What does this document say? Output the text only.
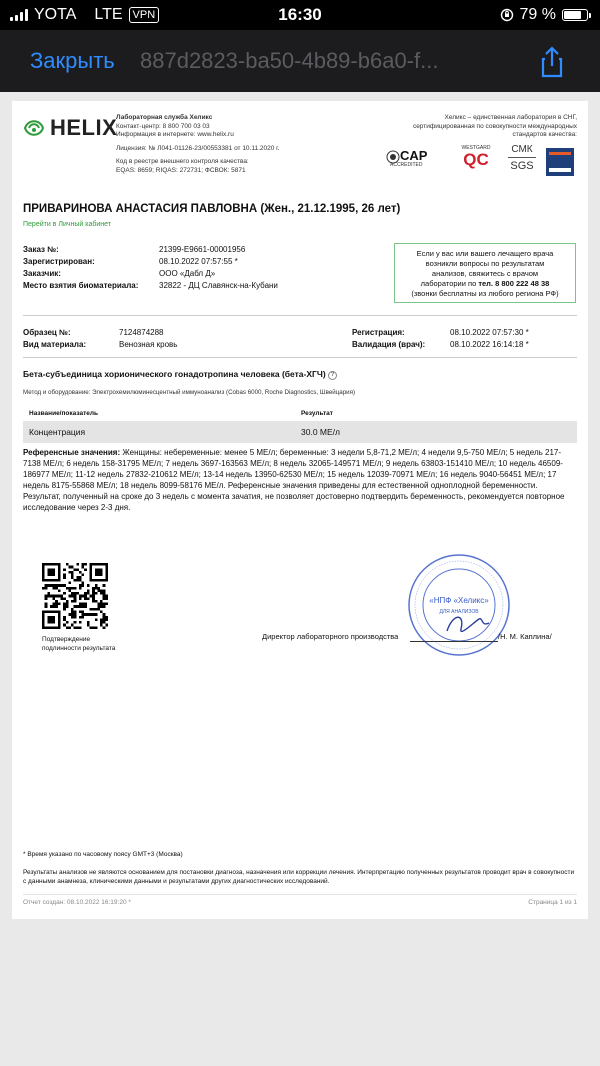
YOTA LTE VPN	16:30	79 %
Закрыть 887d2823-ba50-4b89-b6a0-f...
HELIX
Лабораторная служба Хеликс
Контакт-центр: 8 800 700 03 03
Информация в интернете: www.helix.ru
Лицензия: № Л041-01126-23/00553381 от 10.11.2020 г.
Код в реестре внешнего контроля качества:
EQAS: 8659; RIQAS: 272731; ФСВОК: 5871
Хеликс – единственная лаборатория в СНГ,
сертифицированная по совокупности международных
стандартов качества:
CAP
ACCREDITED
WESTGARD
QC
СМК
SGS
ПРИВАРИНОВА АНАСТАСИЯ ПАВЛОВНА (Жен., 21.12.1995, 26 лет)
Перейти в Личный кабинет
Заказ №:	21399-E9661-00001956
Зарегистрирован:	08.10.2022 07:57:55 *
Заказчик:	ООО «Дабл Д»
Место взятия биоматериала:	32822 - ДЦ Славянск-на-Кубани
Если у вас или вашего лечащего врача
возникли вопросы по результатам
анализов, свяжитесь с врачом
лаборатории по тел. 8 800 222 48 38
(звонки бесплатны из любого региона РФ)
Образец №:	7124874288
Вид материала:	Венозная кровь
Регистрация:	08.10.2022 07:57:30 *
Валидация (врач):	08.10.2022 16:14:18 *
Бета-субъединица хорионического гонадотропина человека (бета-ХГЧ) ?
Метод и оборудование: Электрохемилюминесцентный иммуноанализ (Cobas 6000, Roche Diagnostics, Швейцария)
Название/показатель	Результат
Концентрация	30.0 МЕ/л
Референсные значения: Женщины: небеременные: менее 5 МЕ/л; беременные: 3 недели 5,8-71,2 МЕ/л; 4 недели 9,5-750 МЕ/л; 5 недель 217-7138 МЕ/л; 6 недель 158-31795 МЕ/л; 7 недель 3697-163563 МЕ/л; 8 недель 32065-149571 МЕ/л; 9 недель 63803-151410 МЕ/л; 10 недель 46509-186977 МЕ/л; 11-12 недель 27832-210612 МЕ/л; 13-14 недель 13950-62530 МЕ/л; 15 недель 12039-70971 МЕ/л; 16 недель 9040-56451 МЕ/л; 17 недель 8175-55868 МЕ/л; 18 недель 8099-58176 МЕ/л. Референсные значения приведены для естественной одноплодной беременности. Результат, полученный на сроке до 3 недель с момента зачатия, не позволяет достоверно подтвердить беременность, рекомендуется повторное исследование через 2-3 дня.
Подтверждение
подлинности результата
«НПФ «Хеликс»
ДЛЯ АНАЛИЗОВ
Директор лабораторного производства	/Н. М. Каплина/
* Время указано по часовому поясу GMT+3 (Москва)
Результаты анализов не являются основанием для постановки диагноза, назначения или коррекции лечения. Интерпретацию полученных результатов проводит врач в совокупности с данными анамнеза, клиническими данными и результатами других диагностических исследований.
Отчет создан: 08.10.2022 16:19:20 *	Страница 1 из 1
